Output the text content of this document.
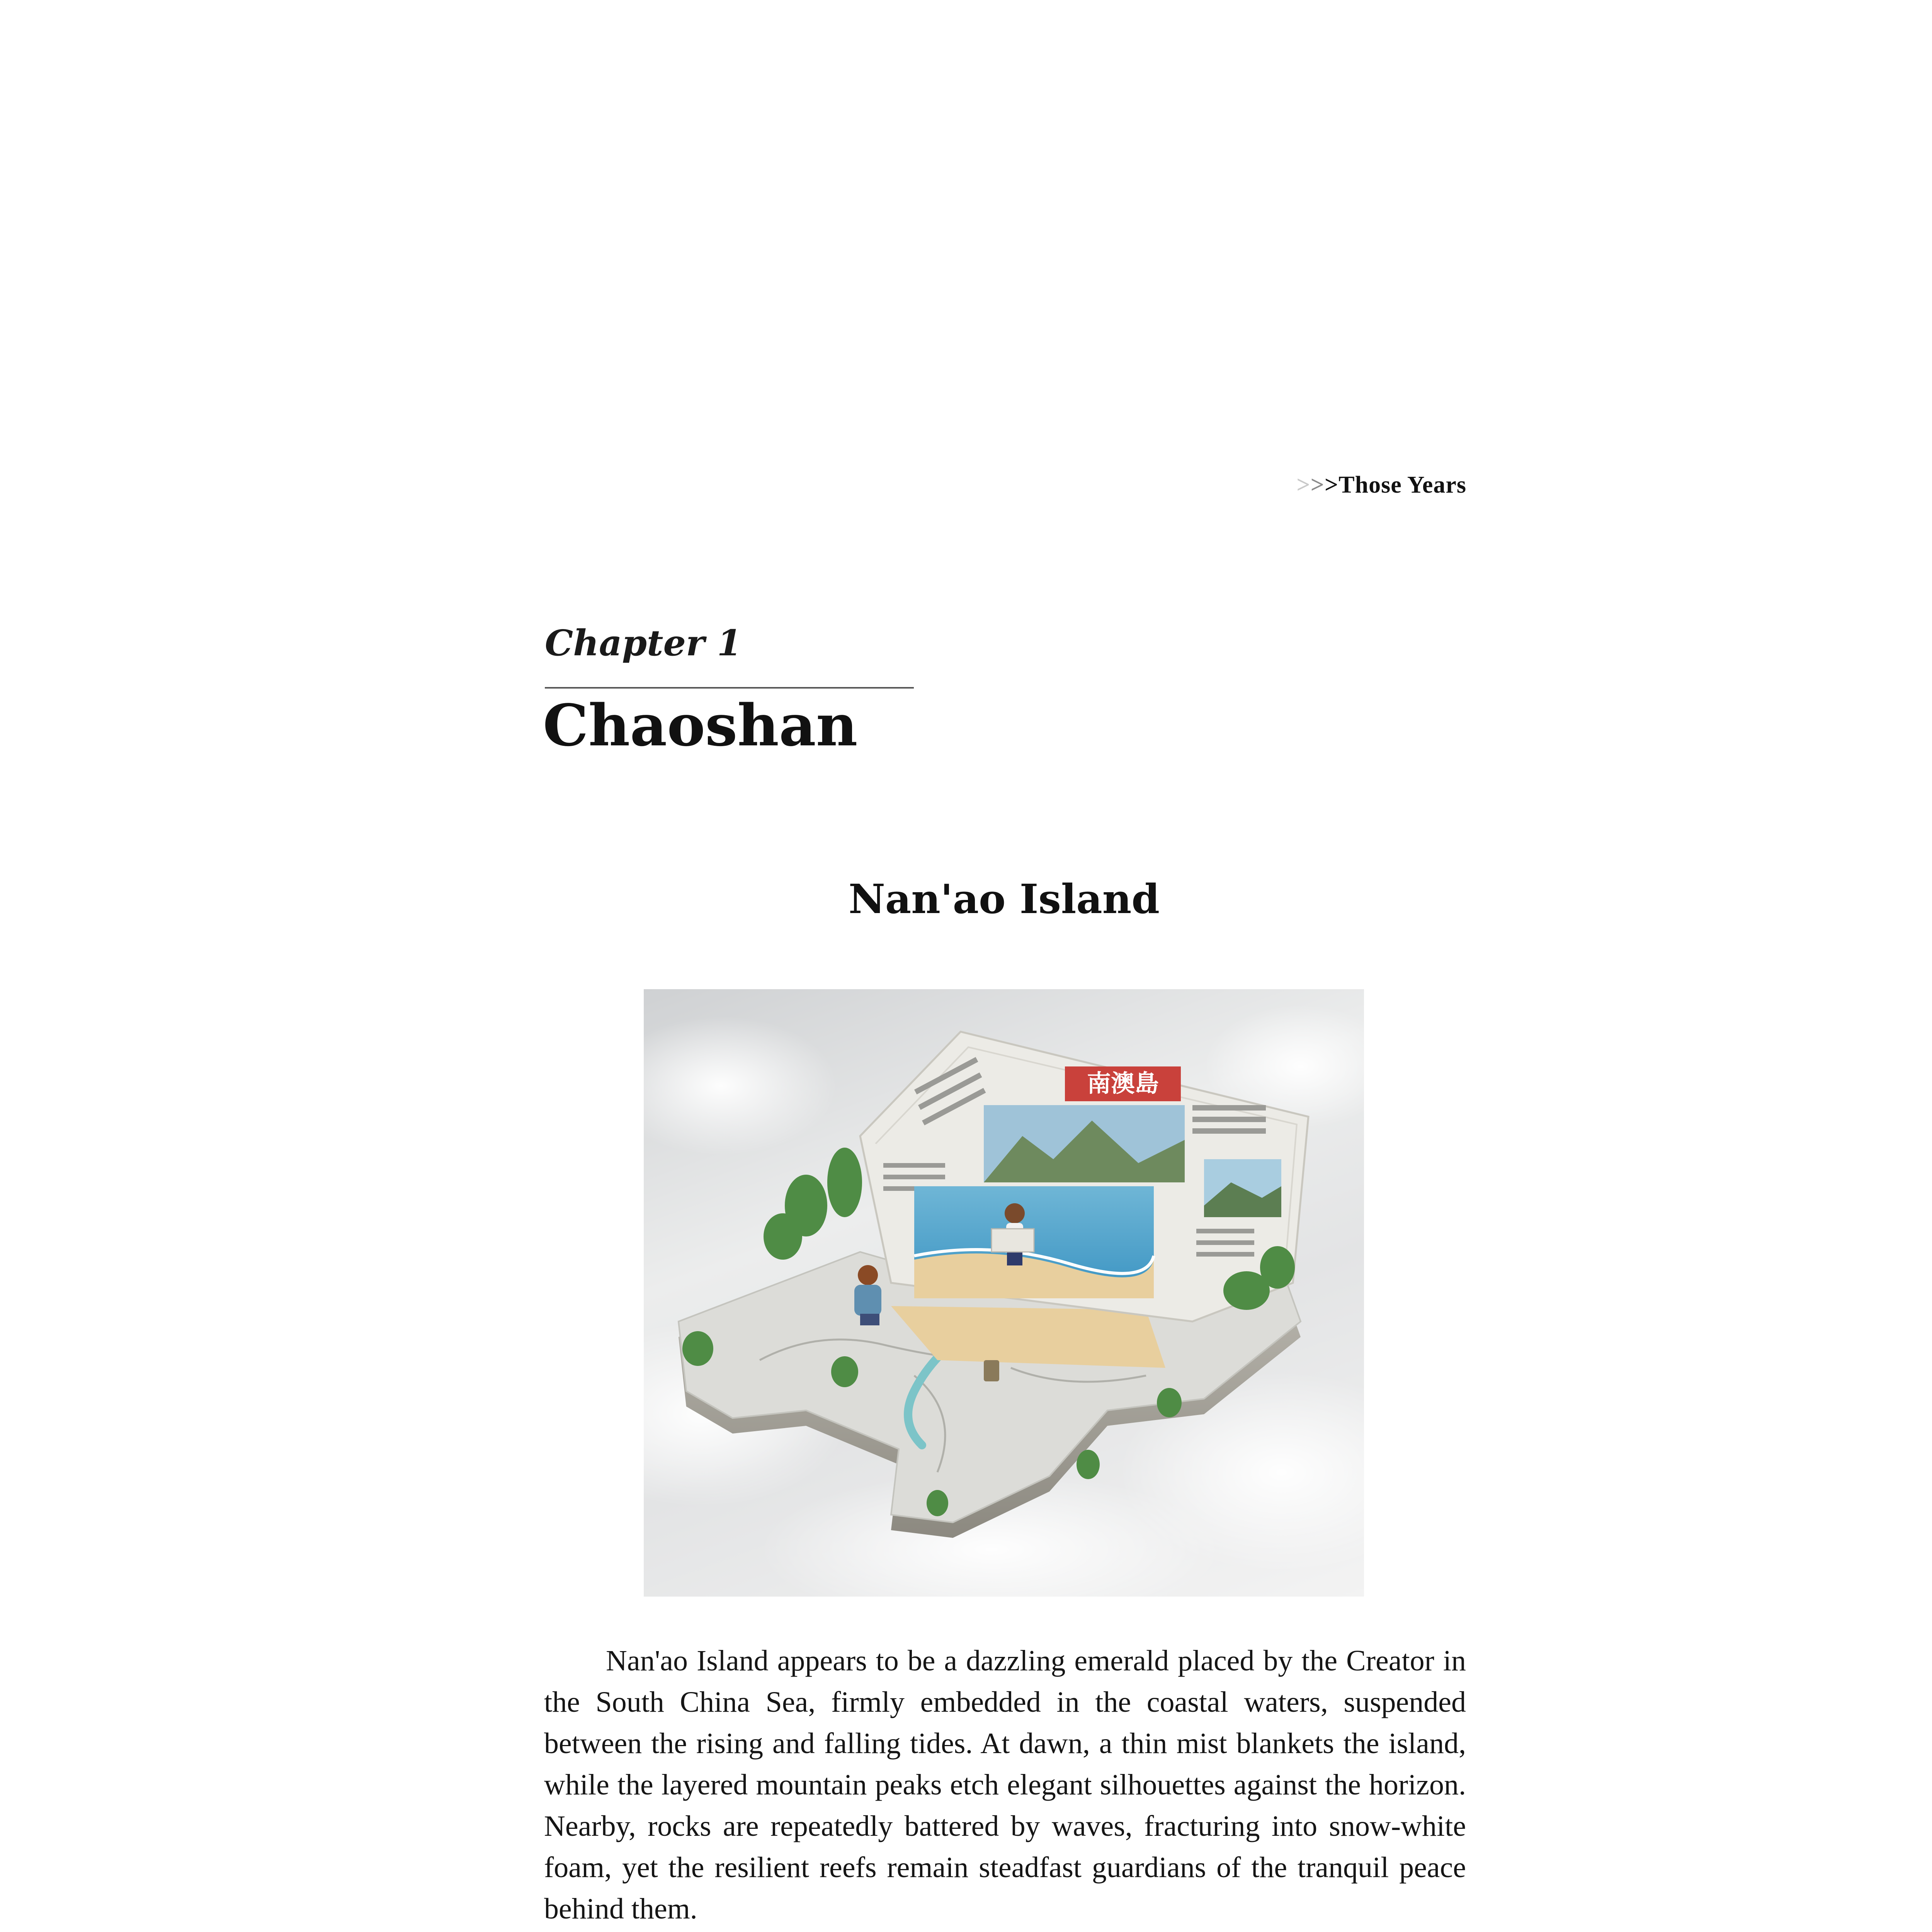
>>>Those Years
Chapter 1
Chaoshan
Nan'ao Island
南澳島

Nan'ao Island appears to be a dazzling emerald placed by the Creator in the South China Sea, firmly embedded in the coastal waters, suspended between the rising and falling tides. At dawn, a thin mist blankets the island, while the layered mountain peaks etch elegant silhouettes against the horizon. Nearby, rocks are repeatedly battered by waves, fracturing into snow-white foam, yet the resilient reefs remain steadfast guardians of the tranquil peace behind them.
